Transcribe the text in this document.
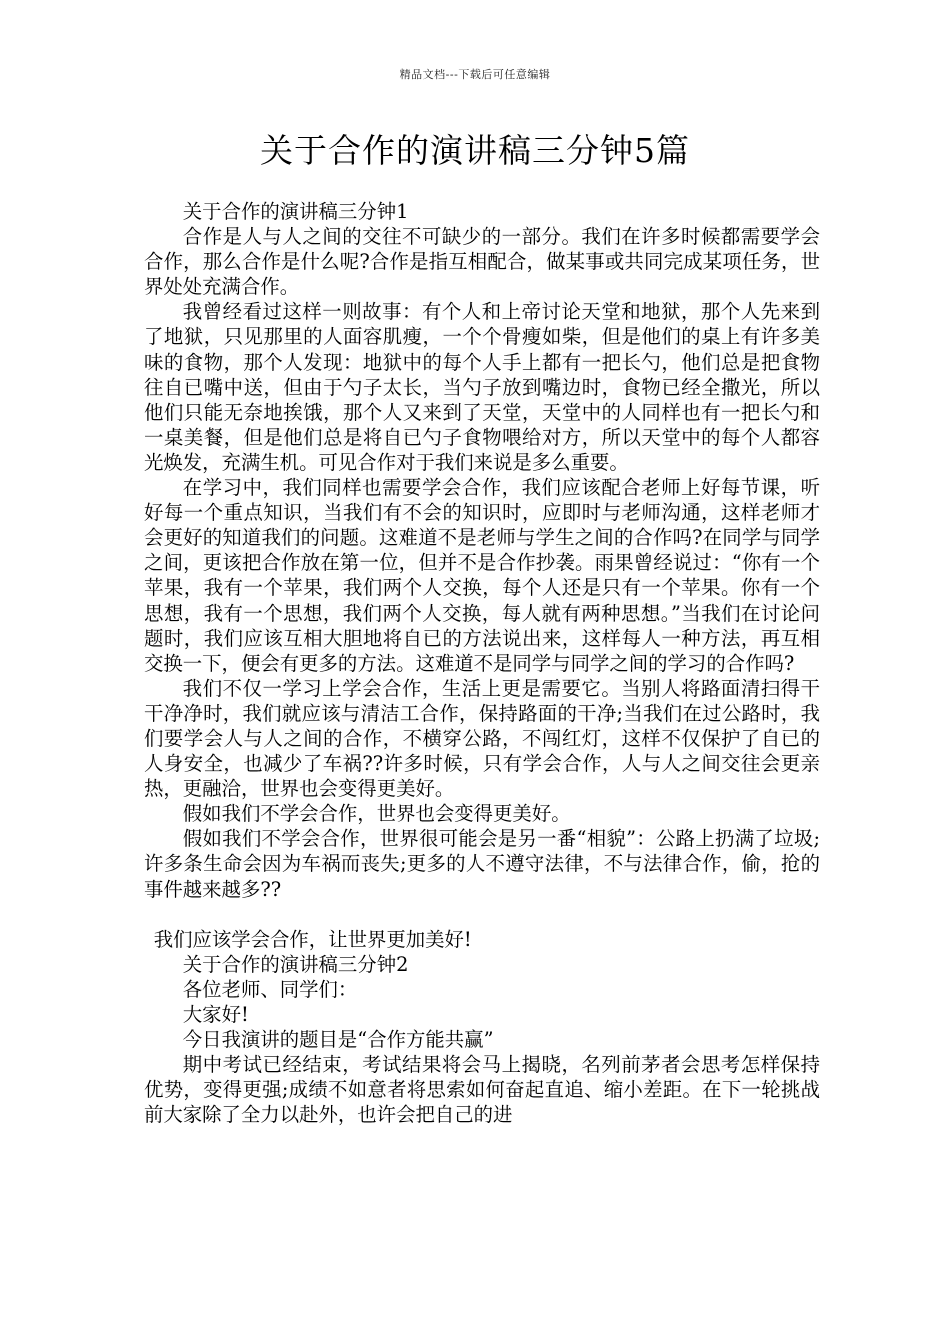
精品文档---下载后可任意编辑
关于合作的演讲稿三分钟5篇

关于合作的演讲稿三分钟1

合作是人与人之间的交往不可缺少的一部分。我们在许多时候都需要学会合作，那么合作是什么呢?合作是指互相配合，做某事或共同完成某项任务，世界处处充满合作。

我曾经看过这样一则故事：有个人和上帝讨论天堂和地狱，那个人先来到了地狱，只见那里的人面容肌瘦，一个个骨瘦如柴，但是他们的桌上有许多美味的食物，那个人发现：地狱中的每个人手上都有一把长勺，他们总是把食物往自已嘴中送，但由于勺子太长，当勺子放到嘴边时，食物已经全撒光，所以他们只能无奈地挨饿，那个人又来到了天堂，天堂中的人同样也有一把长勺和一桌美餐，但是他们总是将自已勺子食物喂给对方，所以天堂中的每个人都容光焕发，充满生机。可见合作对于我们来说是多么重要。

在学习中，我们同样也需要学会合作，我们应该配合老师上好每节课，听好每一个重点知识，当我们有不会的知识时，应即时与老师沟通，这样老师才会更好的知道我们的问题。这难道不是老师与学生之间的合作吗?在同学与同学之间，更该把合作放在第一位，但并不是合作抄袭。雨果曾经说过：“你有一个苹果，我有一个苹果，我们两个人交换，每个人还是只有一个苹果。你有一个思想，我有一个思想，我们两个人交换，每人就有两种思想。”当我们在讨论问题时，我们应该互相大胆地将自已的方法说出来，这样每人一种方法，再互相交换一下，便会有更多的方法。这难道不是同学与同学之间的学习的合作吗?

我们不仅一学习上学会合作，生活上更是需要它。当别人将路面清扫得干干净净时，我们就应该与清洁工合作，保持路面的干净;当我们在过公路时，我们要学会人与人之间的合作，不横穿公路，不闯红灯，这样不仅保护了自已的人身安全，也减少了车祸??许多时候，只有学会合作，人与人之间交往会更亲热，更融洽，世界也会变得更美好。

假如我们不学会合作，世界也会变得更美好。

假如我们不学会合作，世界很可能会是另一番“相貌”：公路上扔满了垃圾;许多条生命会因为车祸而丧失;更多的人不遵守法律，不与法律合作，偷，抢的事件越来越多??

我们应该学会合作，让世界更加美好!

关于合作的演讲稿三分钟2

各位老师、同学们：

大家好!

今日我演讲的题目是“合作方能共赢”

期中考试已经结束，考试结果将会马上揭晓，名列前茅者会思考怎样保持优势，变得更强;成绩不如意者将思索如何奋起直追、缩小差距。在下一轮挑战前大家除了全力以赴外，也许会把自己的进
